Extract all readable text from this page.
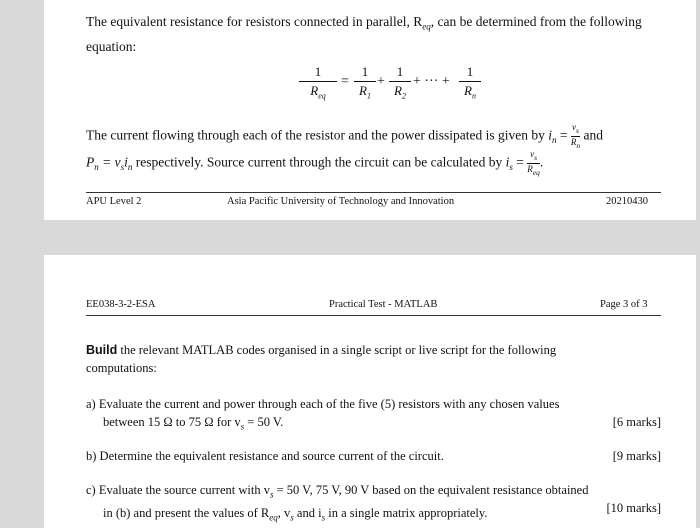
The equivalent resistance for resistors connected in parallel, $R_{eq}$, can be determined from the following
equation:
1
$R_{eq}$
=
1
$R_1$
+
1
$R_2$
+ ··· +
1
$R_n$
The current flowing through each of the resistor and the power dissipated is given by $i_n = \frac{v_s}{R_n}$ and
$P_n = v_si_n$ respectively. Source current through the circuit can be calculated by $i_s = \frac{v_s}{R_{eq}}$.
APU Level 2	Asia Pacific University of Technology and Innovation	20210430
EE038-3-2-ESA	Practical Test - MATLAB	Page 3 of 3
Build the relevant MATLAB codes organised in a single script or live script for the following
computations:
a) Evaluate the current and power through each of the five (5) resistors with any chosen values
between 15 Ω to 75 Ω for $v_s = 50$ V.	[6 marks]
b) Determine the equivalent resistance and source current of the circuit.	[9 marks]
c) Evaluate the source current with $v_s = 50$ V, 75 V, 90 V based on the equivalent resistance obtained
in (b) and present the values of $R_{eq}$, $v_s$ and $i_s$ in a single matrix appropriately.	[10 marks]
